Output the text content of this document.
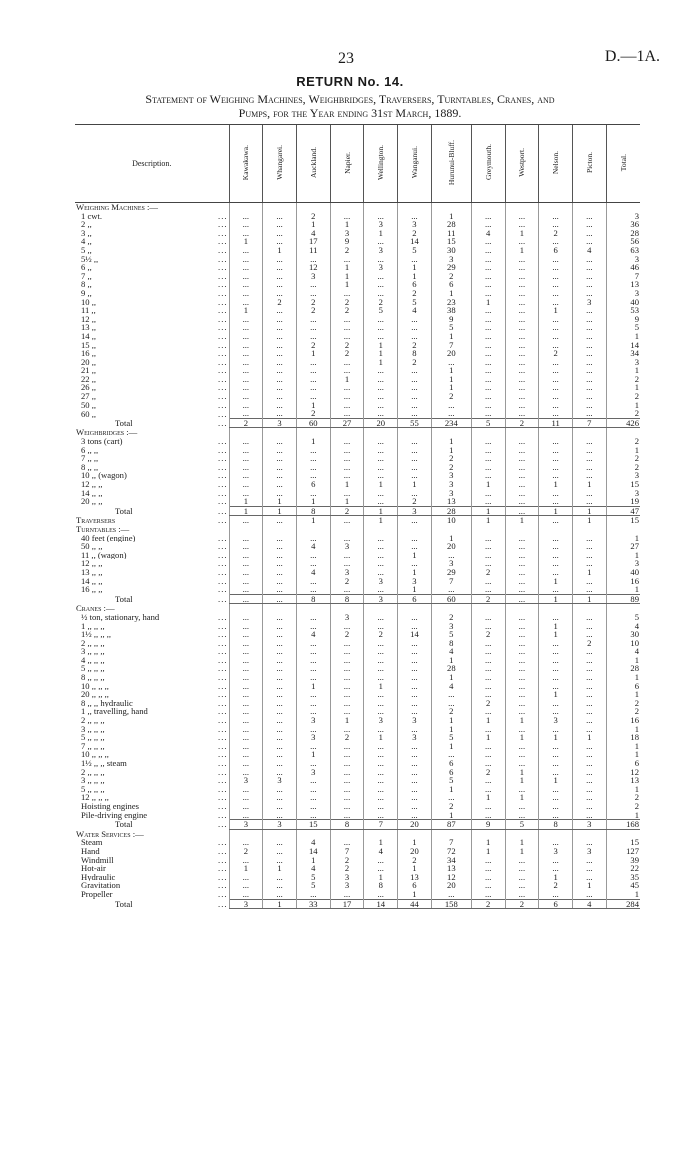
23	D.—1A.
RETURN No. 14.
Statement of Weighing Machines, Weighbridges, Traversers, Turntables, Cranes, and
Pumps, for the Year ending 31st March, 1889.
Description.	Kawakawa.	Whangarei.	Auckland.	Napier.	Wellington.	Wanganui.	Hurunui-Bluff.	Greymouth.	Westport.	Nelson.	Picton.	Total.
Weighing Machines :—												
1 cwt. ...	...	...	2	...	...	...	1	...	...	...	...	3
2 ,, ...	...	...	1	1	3	3	28	...	...	...	...	36
3 ,, ...	...	...	4	3	1	2	11	4	1	2	...	28
4 ,, ...	1	...	17	9	...	14	15	...	...	...	...	56
5 ,, ...	...	1	11	2	3	5	30	...	1	6	4	63
5½ ,, ...	...	...	...	...	...	...	3	...	...	...	...	3
6 ,, ...	...	...	12	1	3	1	29	...	...	...	...	46
7 ,, ...	...	...	3	1	...	1	2	...	...	...	...	7
8 ,, ...	...	...	...	1	...	6	6	...	...	...	...	13
9 ,, ...	...	...	...	...	...	2	1	...	...	...	...	3
10 ,, ...	...	2	2	2	2	5	23	1	...	...	3	40
11 ,, ...	1	...	2	2	5	4	38	...	...	1	...	53
12 ,, ...	...	...	...	...	...	...	9	...	...	...	...	9
13 ,, ...	...	...	...	...	...	...	5	...	...	...	...	5
14 ,, ...	...	...	...	...	...	...	1	...	...	...	...	1
15 ,, ...	...	...	2	2	1	2	7	...	...	...	...	14
16 ,, ...	...	...	1	2	1	8	20	...	...	2	...	34
20 ,, ...	...	...	...	...	1	2	...	...	...	...	...	3
21 ,, ...	...	...	...	...	...	...	1	...	...	...	...	1
22 ,, ...	...	...	...	1	...	...	1	...	...	...	...	2
26 ,, ...	...	...	...	...	...	...	1	...	...	...	...	1
27 ,, ...	...	...	...	...	...	...	2	...	...	...	...	2
50 ,, ...	...	...	1	...	...	...	...	...	...	...	...	1
60 ,, ...	...	...	2	...	...	...	...	...	...	...	...	2
Total ...	2	3	60	27	20	55	234	5	2	11	7	426
Weighbridges :—												
3 tons (cart) ...	...	...	1	...	...	...	1	...	...	...	...	2
6 ,, ,, ...	...	...	...	...	...	...	1	...	...	...	...	1
7 ,, ,, ...	...	...	...	...	...	...	2	...	...	...	...	2
8 ,, ,, ...	...	...	...	...	...	...	2	...	...	...	...	2
10 ,, (wagon) ...	...	...	...	...	...	...	3	...	...	...	...	3
12 ,, ,, ...	...	...	6	1	1	1	3	1	...	1	1	15
14 ,, ,, ...	...	...	...	...	...	...	3	...	...	...	...	3
20 ,, ,, ...	1	1	1	1	...	2	13	...	...	...	...	19
Total ...	1	1	8	2	1	3	28	1	...	1	1	47
Traversers ...	...	...	1	...	1	...	10	1	1	...	1	15
Turntables :—												
40 feet (engine) ...	...	...	...	...	...	...	1	...	...	...	...	1
50 ,, ,, ...	...	...	4	3	...	...	20	...	...	...	...	27
11 ,, (wagon) ...	...	...	...	...	...	1	...	...	...	...	...	1
12 ,, ,, ...	...	...	...	...	...	...	3	...	...	...	...	3
13 ,, ,, ...	...	...	4	3	...	1	29	2	...	...	1	40
14 ,, ,, ...	...	...	...	2	3	3	7	...	...	1	...	16
16 ,, ,, ...	...	...	...	...	...	1	...	...	...	...	...	1
Total ...	...	...	8	8	3	6	60	2	...	1	1	89
Cranes :—												
½ ton, stationary, hand ...	...	...	...	3	...	...	2	...	...	...	...	5
1 ,, ,, ,, ...	...	...	...	...	...	...	3	...	...	1	...	4
1½ ,, ,, ,, ...	...	...	4	2	2	14	5	2	...	1	...	30
2 ,, ,, ,, ...	...	...	...	...	...	...	8	...	...	...	2	10
3 ,, ,, ,, ...	...	...	...	...	...	...	4	...	...	...	...	4
4 ,, ,, ,, ...	...	...	...	...	...	...	1	...	...	...	...	1
5 ,, ,, ,, ...	...	...	...	...	...	...	28	...	...	...	...	28
8 ,, ,, ,, ...	...	...	...	...	...	...	1	...	...	...	...	1
10 ,, ,, ,, ...	...	...	1	...	1	...	4	...	...	...	...	6
20 ,, ,, ,, ...	...	...	...	...	...	...	...	...	...	1	...	1
8 ,, ,, hydraulic ...	...	...	...	...	...	...	...	2	...	...	...	2
1 ,, travelling, hand ...	...	...	...	...	...	...	2	...	...	...	...	2
2 ,, ,, ,, ...	...	...	3	1	3	3	1	1	1	3	...	16
3 ,, ,, ,, ...	...	...	...	...	...	...	1	...	...	...	...	1
5 ,, ,, ,, ...	...	...	3	2	1	3	5	1	1	1	1	18
7 ,, ,, ,, ...	...	...	...	...	...	...	1	...	...	...	...	1
10 ,, ,, ,, ...	...	...	1	...	...	...	...	...	...	...	...	1
1½ ,, ,, steam ...	...	...	...	...	...	...	6	...	...	...	...	6
2 ,, ,, ,, ...	...	...	3	...	...	...	6	2	1	...	...	12
3 ,, ,, ,, ...	3	3	...	...	...	...	5	...	1	1	...	13
5 ,, ,, ,, ...	...	...	...	...	...	...	1	...	...	...	...	1
12 ,, ,, ,, ...	...	...	...	...	...	...	...	1	1	...	...	2
Hoisting engines ...	...	...	...	...	...	...	2	...	...	...	...	2
Pile-driving engine ...	...	...	...	...	...	...	1	...	...	...	...	1
Total ...	3	3	15	8	7	20	87	9	5	8	3	168
Water Services :—												
Steam ...	...	...	4	...	1	1	7	1	1	...	...	15
Hand ...	2	...	14	7	4	20	72	1	1	3	3	127
Windmill ...	...	...	1	2	...	2	34	...	...	...	...	39
Hot-air ...	1	1	4	2	...	1	13	...	...	...	...	22
Hydraulic ...	...	...	5	3	1	13	12	...	...	1	...	35
Gravitation ...	...	...	5	3	8	6	20	...	...	2	1	45
Propeller ...	...	...	...	...	...	1	...	...	...	...	...	1
Total ...	3	1	33	17	14	44	158	2	2	6	4	284
